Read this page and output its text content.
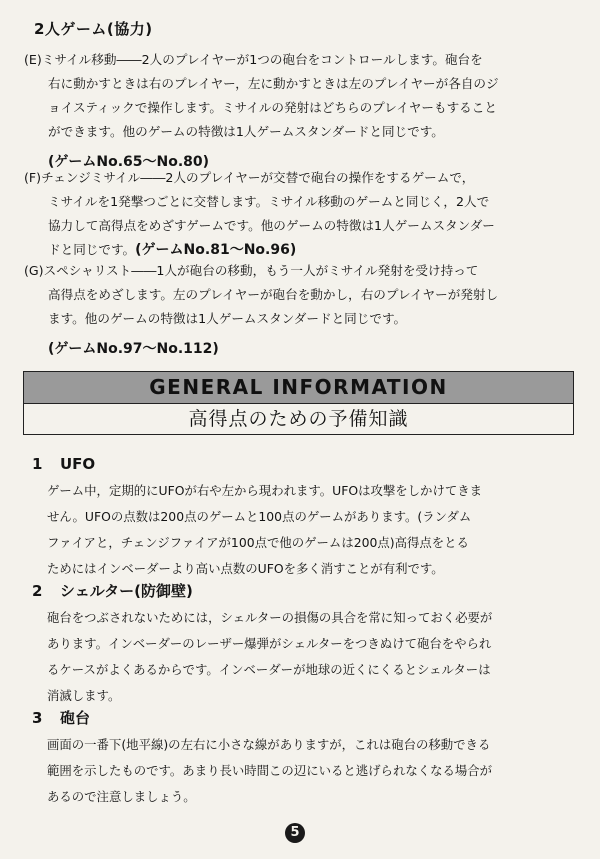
2人ゲーム(協力)
(E)ミサイル移動――2人のプレイヤーが1つの砲台をコントロールします。砲台を
右に動かすときは右のプレイヤー，左に動かすときは左のプレイヤーが各自のジ
ョイスティックで操作します。ミサイルの発射はどちらのプレイヤーもすること
ができます。他のゲームの特徴は1人ゲームスタンダードと同じです。
(ゲームNo.65〜No.80)
(F)チェンジミサイル――2人のプレイヤーが交替で砲台の操作をするゲームで，
ミサイルを1発撃つごとに交替します。ミサイル移動のゲームと同じく，2人で
協力して高得点をめざすゲームです。他のゲームの特徴は1人ゲームスタンダー
ドと同じです。(ゲームNo.81〜No.96)
(G)スペシャリスト――1人が砲台の移動，もう一人がミサイル発射を受け持って
高得点をめざします。左のプレイヤーが砲台を動かし，右のプレイヤーが発射し
ます。他のゲームの特徴は1人ゲームスタンダードと同じです。
(ゲームNo.97〜No.112)
GENERAL INFORMATION
高得点のための予備知識
1 UFO
ゲーム中，定期的にUFOが右や左から現われます。UFOは攻撃をしかけてきま
せん。UFOの点数は200点のゲームと100点のゲームがあります。(ランダム
ファイアと，チェンジファイアが100点で他のゲームは200点)高得点をとる
ためにはインベーダーより高い点数のUFOを多く消すことが有利です。
2 シェルター(防御壁)
砲台をつぶされないためには，シェルターの損傷の具合を常に知っておく必要が
あります。インベーダーのレーザー爆弾がシェルターをつきぬけて砲台をやられ
るケースがよくあるからです。インベーダーが地球の近くにくるとシェルターは
消滅します。
3 砲台
画面の一番下(地平線)の左右に小さな線がありますが，これは砲台の移動できる
範囲を示したものです。あまり長い時間この辺にいると逃げられなくなる場合が
あるので注意しましょう。
5
